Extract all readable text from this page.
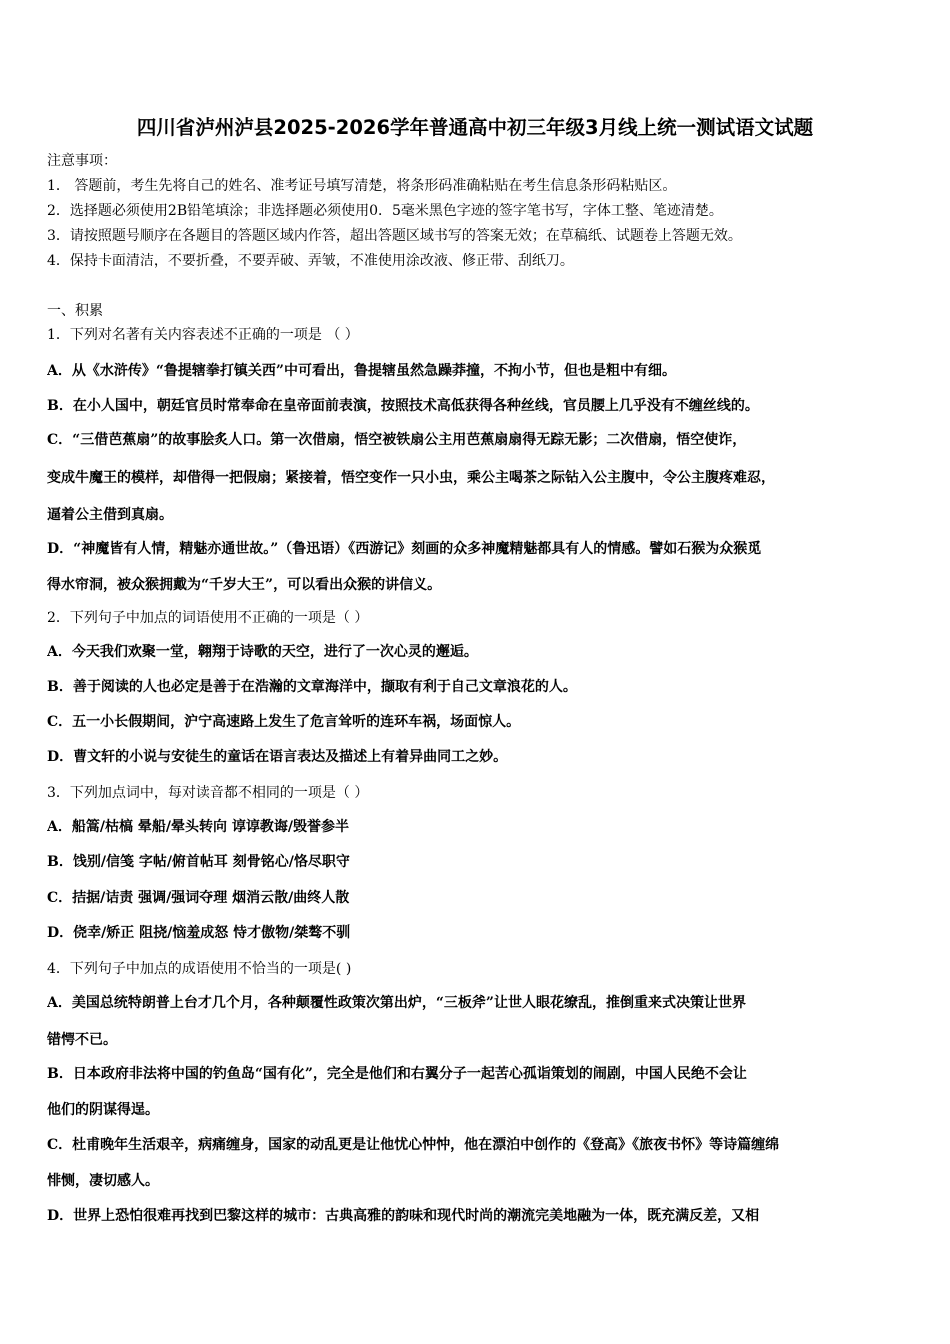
四川省泸州泸县2025-2026学年普通高中初三年级3月线上统一测试语文试题
注意事项：
1． 答题前，考生先将自己的姓名、准考证号填写清楚，将条形码准确粘贴在考生信息条形码粘贴区。
2．选择题必须使用2B铅笔填涂；非选择题必须使用0．5毫米黑色字迹的签字笔书写，字体工整、笔迹清楚。
3．请按照题号顺序在各题目的答题区域内作答，超出答题区域书写的答案无效；在草稿纸、试题卷上答题无效。
4．保持卡面清洁，不要折叠，不要弄破、弄皱，不准使用涂改液、修正带、刮纸刀。
一、积累
1．下列对名著有关内容表述不正确的一项是 （ ）
A．从《水浒传》“鲁提辖拳打镇关西”中可看出，鲁提辖虽然急躁莽撞，不拘小节，但也是粗中有细。
B．在小人国中，朝廷官员时常奉命在皇帝面前表演，按照技术高低获得各种丝线，官员腰上几乎没有不缠丝线的。
C．“三借芭蕉扇”的故事脍炙人口。第一次借扇，悟空被铁扇公主用芭蕉扇扇得无踪无影；二次借扇，悟空使诈，
变成牛魔王的模样，却借得一把假扇；紧接着，悟空变作一只小虫，乘公主喝茶之际钻入公主腹中，令公主腹疼难忍，
逼着公主借到真扇。
D．“神魔皆有人情，精魅亦通世故。”（鲁迅语）《西游记》刻画的众多神魔精魅都具有人的情感。譬如石猴为众猴觅
得水帘洞，被众猴拥戴为“千岁大王”，可以看出众猴的讲信义。
2．下列句子中加点的词语使用不正确的一项是（ ）
A．今天我们欢聚一堂，翱翔于诗歌的天空，进行了一次心灵的邂逅。
B．善于阅读的人也必定是善于在浩瀚的文章海洋中，撷取有利于自己文章浪花的人。
C．五一小长假期间，沪宁高速路上发生了危言耸听的连环车祸，场面惊人。
D．曹文轩的小说与安徒生的童话在语言表达及描述上有着异曲同工之妙。
3．下列加点词中，每对读音都不相同的一项是（ ）
A．船篙/枯槁 晕船/晕头转向 谆谆教诲/毁誉参半
B．饯别/信笺 字帖/俯首帖耳 刻骨铭心/恪尽职守
C．拮据/诘责 强调/强词夺理 烟消云散/曲终人散
D．侥幸/矫正 阻挠/恼羞成怒 恃才傲物/桀骜不驯
4．下列句子中加点的成语使用不恰当的一项是( )
A．美国总统特朗普上台才几个月，各种颠覆性政策次第出炉，“三板斧”让世人眼花缭乱，推倒重来式决策让世界
错愕不已。
B．日本政府非法将中国的钓鱼岛“国有化”，完全是他们和右翼分子一起苦心孤诣策划的闹剧，中国人民绝不会让
他们的阴谋得逞。
C．杜甫晚年生活艰辛，病痛缠身，国家的动乱更是让他忧心忡忡，他在漂泊中创作的《登高》《旅夜书怀》等诗篇缠绵
悱恻，凄切感人。
D．世界上恐怕很难再找到巴黎这样的城市：古典高雅的韵味和现代时尚的潮流完美地融为一体，既充满反差，又相
